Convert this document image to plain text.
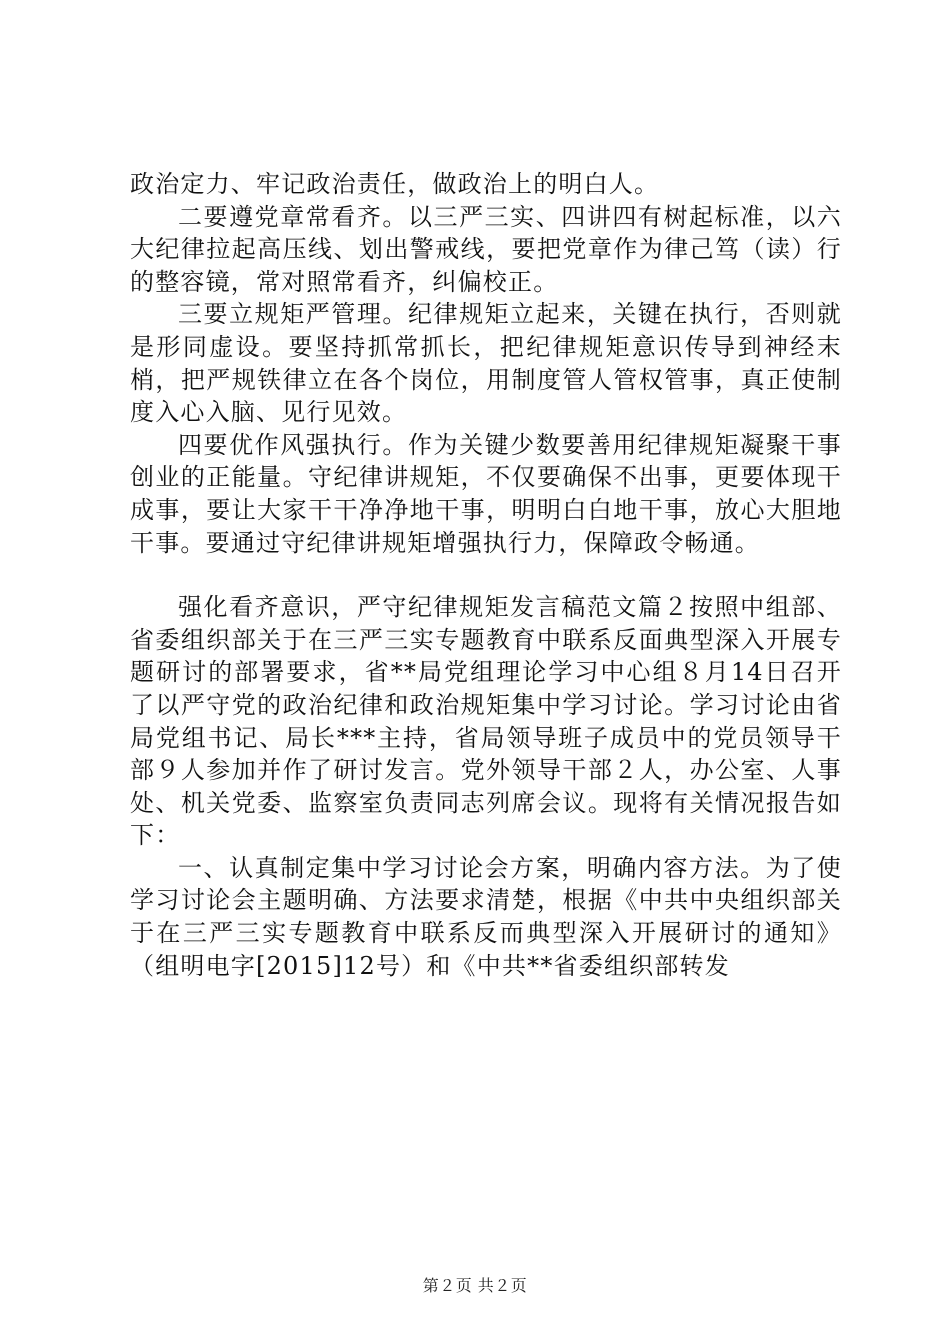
政治定力、牢记政治责任，做政治上的明白人。

二要遵党章常看齐。以三严三实、四讲四有树起标准，以六大纪律拉起高压线、划出警戒线，要把党章作为律己笃（读）行的整容镜，常对照常看齐，纠偏校正。

三要立规矩严管理。纪律规矩立起来，关键在执行，否则就是形同虚设。要坚持抓常抓长，把纪律规矩意识传导到神经末梢，把严规铁律立在各个岗位，用制度管人管权管事，真正使制度入心入脑、见行见效。

四要优作风强执行。作为关键少数要善用纪律规矩凝聚干事创业的正能量。守纪律讲规矩，不仅要确保不出事，更要体现干成事，要让大家干干净净地干事，明明白白地干事，放心大胆地干事。要通过守纪律讲规矩增强执行力，保障政令畅通。

强化看齐意识，严守纪律规矩发言稿范文篇２按照中组部、省委组织部关于在三严三实专题教育中联系反面典型深入开展专题研讨的部署要求，省**局党组理论学习中心组８月14日召开了以严守党的政治纪律和政治规矩集中学习讨论。学习讨论由省局党组书记、局长***主持，省局领导班子成员中的党员领导干部９人参加并作了研讨发言。党外领导干部２人，办公室、人事处、机关党委、监察室负责同志列席会议。现将有关情况报告如下：

一、认真制定集中学习讨论会方案，明确内容方法。为了使学习讨论会主题明确、方法要求清楚，根据《中共中央组织部关于在三严三实专题教育中联系反而典型深入开展研讨的通知》（组明电字[2015]12号）和《中共**省委组织部转发

第２页 共２页
